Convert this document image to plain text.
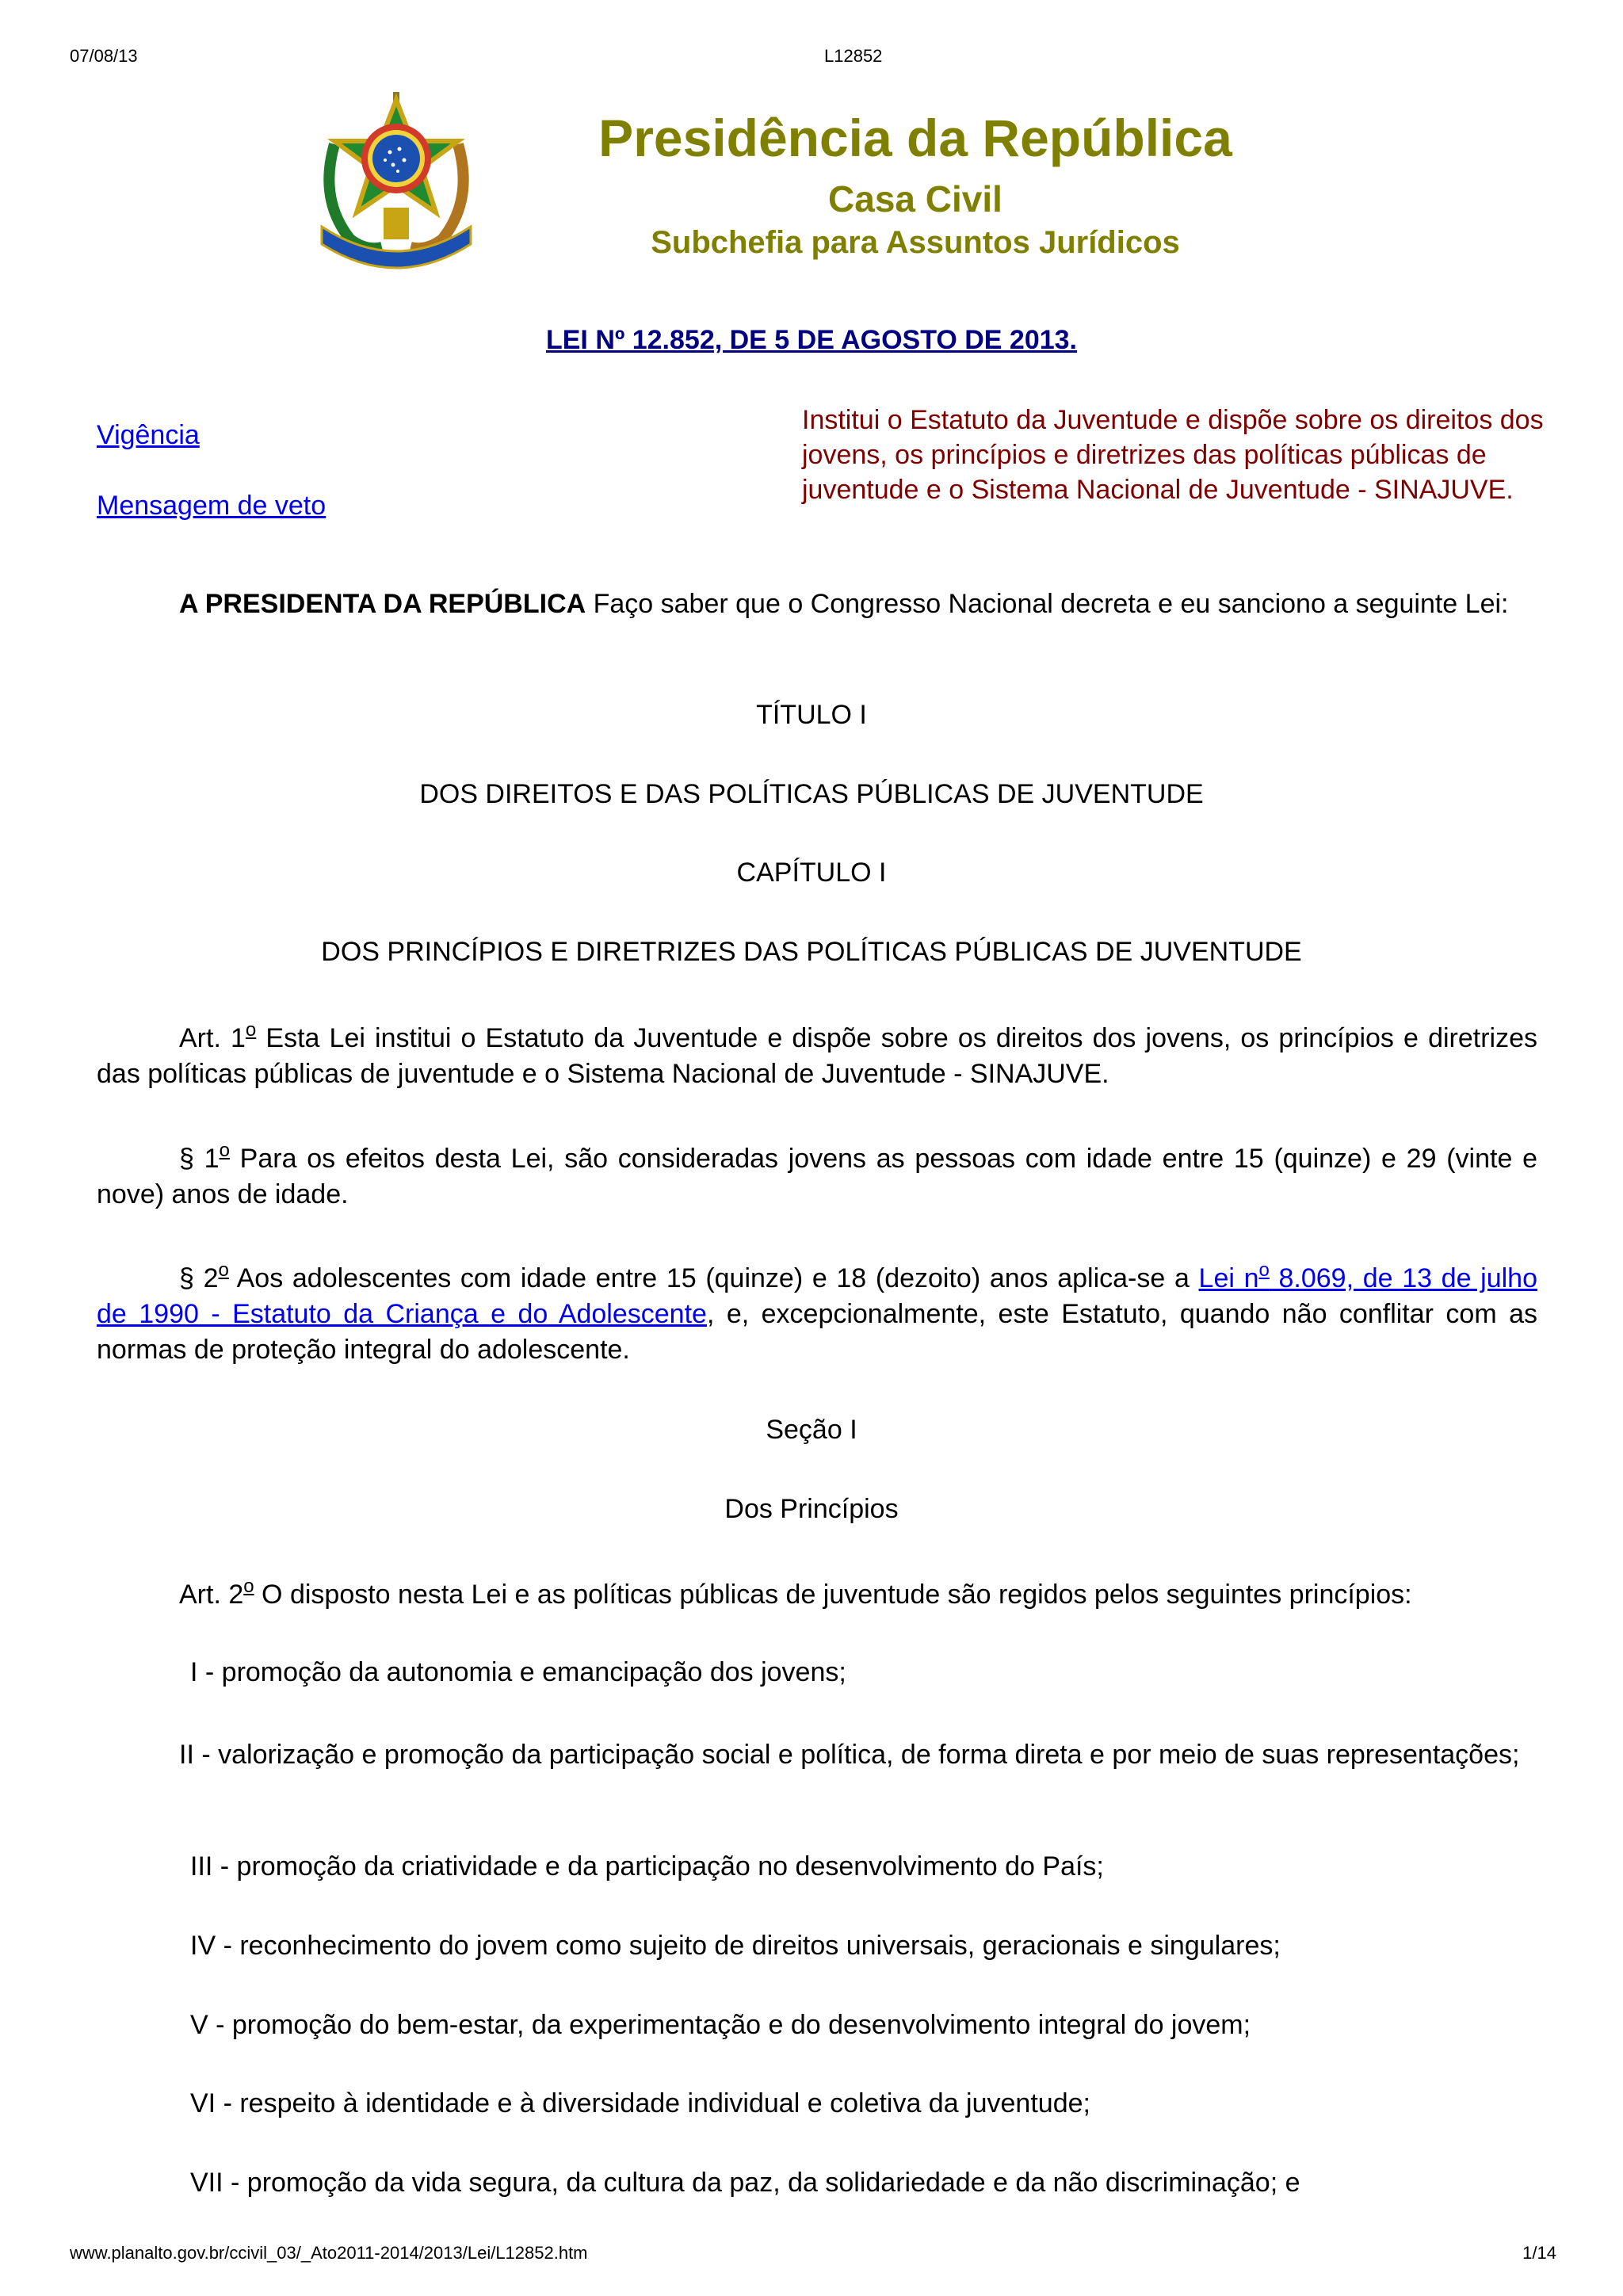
07/08/13	L12852
Presidência da República
Casa Civil
Subchefia para Assuntos Jurídicos
LEI Nº 12.852, DE 5 DE AGOSTO DE 2013.
Vigência
Mensagem de veto
Institui o Estatuto da Juventude e dispõe sobre os direitos dos jovens, os princípios e diretrizes das políticas públicas de juventude e o Sistema Nacional de Juventude - SINAJUVE.
A PRESIDENTA DA REPÚBLICA Faço saber que o Congresso Nacional decreta e eu sanciono a seguinte Lei:
TÍTULO I
DOS DIREITOS E DAS POLÍTICAS PÚBLICAS DE JUVENTUDE
CAPÍTULO I
DOS PRINCÍPIOS E DIRETRIZES DAS POLÍTICAS PÚBLICAS DE JUVENTUDE
Art. 1$^o$ Esta Lei institui o Estatuto da Juventude e dispõe sobre os direitos dos jovens, os princípios e diretrizes das políticas públicas de juventude e o Sistema Nacional de Juventude - SINAJUVE.
§ 1$^o$ Para os efeitos desta Lei, são consideradas jovens as pessoas com idade entre 15 (quinze) e 29 (vinte e nove) anos de idade.
§ 2$^o$ Aos adolescentes com idade entre 15 (quinze) e 18 (dezoito) anos aplica-se a Lei n$^o$ 8.069, de 13 de julho de 1990 - Estatuto da Criança e do Adolescente, e, excepcionalmente, este Estatuto, quando não conflitar com as normas de proteção integral do adolescente.
Seção I
Dos Princípios
Art. 2$^o$ O disposto nesta Lei e as políticas públicas de juventude são regidos pelos seguintes princípios:
I - promoção da autonomia e emancipação dos jovens;
II - valorização e promoção da participação social e política, de forma direta e por meio de suas representações;
III - promoção da criatividade e da participação no desenvolvimento do País;
IV - reconhecimento do jovem como sujeito de direitos universais, geracionais e singulares;
V - promoção do bem-estar, da experimentação e do desenvolvimento integral do jovem;
VI - respeito à identidade e à diversidade individual e coletiva da juventude;
VII - promoção da vida segura, da cultura da paz, da solidariedade e da não discriminação; e
www.planalto.gov.br/ccivil_03/_Ato2011-2014/2013/Lei/L12852.htm	1/14
